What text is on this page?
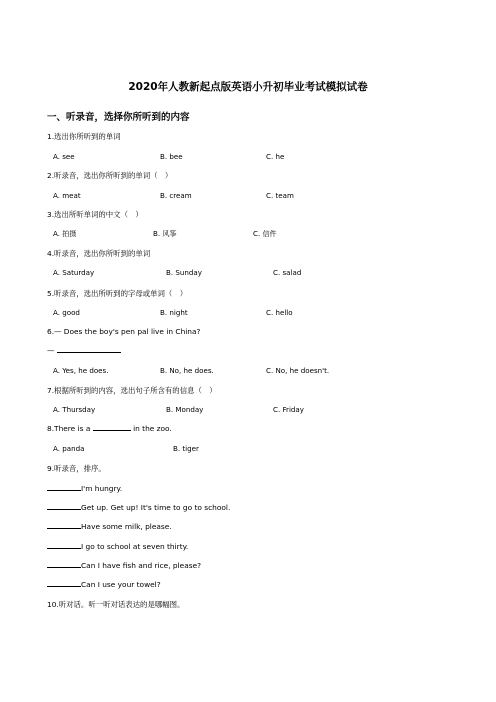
2020年人教新起点版英语小升初毕业考试模拟试卷
一、听录音，选择你所听到的内容
1.选出你所听到的单词
A. see	B. bee	C. he
2.听录音，选出你所听到的单词（　）
A. meat	B. cream	C. team
3.选出所听单词的中文（　）
A. 拍摄	B. 风筝	C. 信件
4.听录音，选出你所听到的单词
A. Saturday	B. Sunday	C. salad
5.听录音，选出所听到的字母或单词（　）
A. good	B. night	C. hello
6.— Does the boy's pen pal live in China?
—
A. Yes, he does.	B. No, he does.	C. No, he doesn't.
7.根据所听到的内容，选出句子所含有的信息（　）
A. Thursday	B. Monday	C. Friday
8.There is a	in the zoo.
A. panda	B. tiger
9.听录音，排序。
I'm hungry.
Get up. Get up! It's time to go to school.
Have some milk, please.
I go to school at seven thirty.
Can I have fish and rice, please?
Can I use your towel?
10.听对话。听一听对话表达的是哪幅图。
